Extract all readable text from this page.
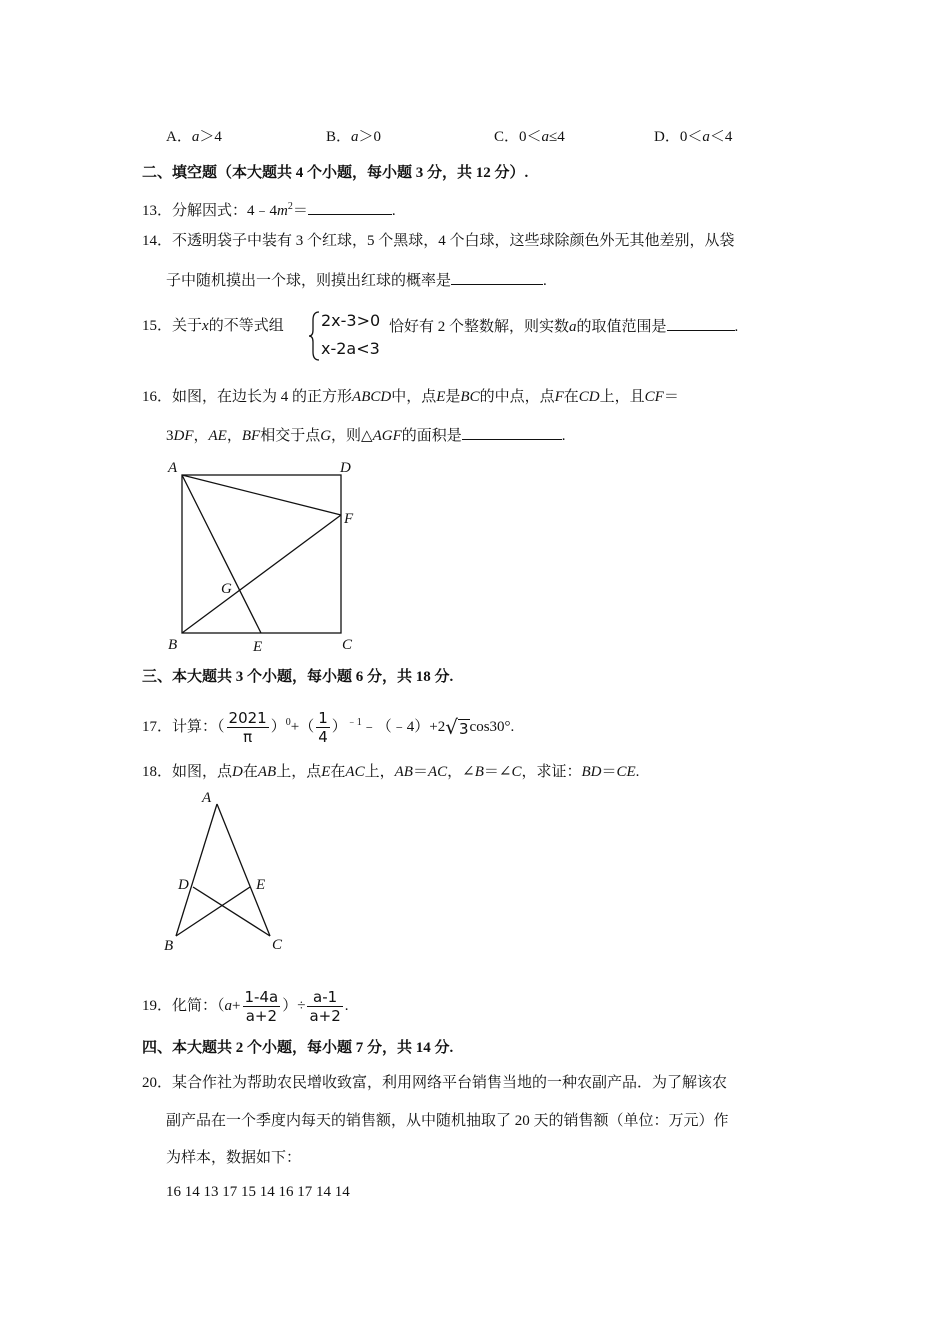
A．a＞4	B．a＞0	C．0＜a≤4	D．0＜a＜4
二、填空题（本大题共 4 个小题，每小题 3 分，共 12 分）.
13．分解因式：$4﹣4m^2=$	.
14．不透明袋子中装有 3 个红球，5 个黑球，4 个白球，这些球除颜色外无其他差别，从袋
子中随机摸出一个球，则摸出红球的概率是	.
15．关于x的不等式组 2x-3>0
x-2a<3
恰好有 2 个整数解，则实数a的取值范围是	.
16．如图，在边长为 4 的正方形ABCD中，点E是BC的中点，点F在CD上，且CF＝
3DF，AE，BF相交于点G，则△AGF的面积是	.
A	D
F
G
B	E	C
三、本大题共 3 个小题，每小题 6 分，共 18 分.
17．计算：（ $\frac{2021}{\pi} )^0+( \frac{1}{4}$ ）$^{﹣1}﹣(﹣4)+2√3\cos 30^\circ$.
18．如图，点D在AB上，点E在AC上，AB＝AC，∠B＝∠C，求证：BD＝CE.
A
D	E
B	C
19．化简：（$a+ \frac{1-4a}{a+2}$ ）÷ $\frac{a-1}{a+2}$ .
四、本大题共 2 个小题，每小题 7 分，共 14 分.
20．某合作社为帮助农民增收致富，利用网络平台销售当地的一种农副产品．为了解该农
副产品在一个季度内每天的销售额，从中随机抽取了 20 天的销售额（单位：万元）作
为样本，数据如下：
16 14 13 17 15 14 16 17 14 14
